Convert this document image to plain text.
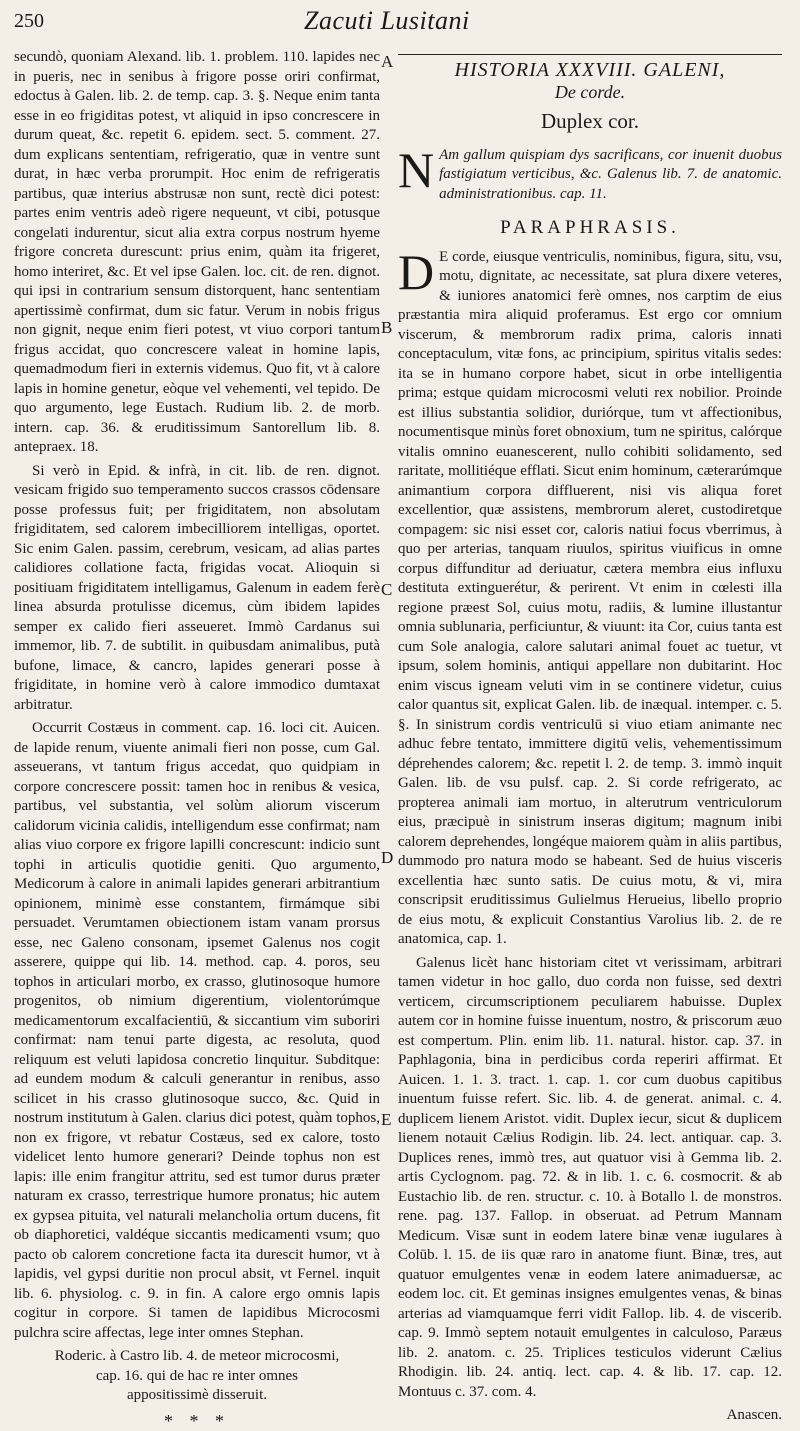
250	Zacuti Lusitani

secundò, quoniam Alexand. lib. 1. problem. 110. lapides nec in pueris, nec in senibus à frigore posse oriri confirmat, edoctus à Galen. lib. 2. de temp. cap. 3. §. Neque enim tanta esse in eo frigiditas potest, vt aliquid in ipso concrescere in durum queat, &c. repetit 6. epidem. sect. 5. comment. 27. dum explicans sententiam, refrigeratio, quæ in ventre sunt durat, in hæc verba prorumpit. Hoc enim de refrigeratis partibus, quæ interius abstrusæ non sunt, rectè dici potest: partes enim ventris adeò rigere nequeunt, vt cibi, potusque congelati indurentur, sicut alia extra corpus nostrum hyeme frigore concreta durescunt: prius enim, quàm ita frigeret, homo interiret, &c. Et vel ipse Galen. loc. cit. de ren. dignot. qui ipsi in contrarium sensum distorquent, hanc sententiam apertissimè confirmat, dum sic fatur. Verum in nobis frigus non gignit, neque enim fieri potest, vt viuo corpori tantum frigus accidat, quo concrescere valeat in homine lapis, quemadmodum fieri in externis videmus. Quo fit, vt à calore lapis in homine genetur, eòque vel vehementi, vel tepido. De quo argumento, lege Eustach. Rudium lib. 2. de morb. intern. cap. 36. & eruditissimum Santorellum lib. 8. antepraex. 18.

Si verò in Epid. & infrà, in cit. lib. de ren. dignot. vesicam frigido suo temperamento succos crassos cōdensare posse professus fuit; per frigiditatem, non absolutam frigiditatem, sed calorem imbecilliorem intelligas, oportet. Sic enim Galen. passim, cerebrum, vesicam, ad alias partes calidiores collatione facta, frigidas vocat. Alioquin si positiuam frigiditatem intelligamus, Galenum in eadem ferè linea absurda protulisse dicemus, cùm ibidem lapides semper ex calido fieri asseueret. Immò Cardanus sui immemor, lib. 7. de subtilit. in quibusdam animalibus, putà bufone, limace, & cancro, lapides generari posse à frigiditate, in homine verò à calore immodico dumtaxat arbitratur.

Occurrit Costæus in comment. cap. 16. loci cit. Auicen. de lapide renum, viuente animali fieri non posse, cum Gal. asseuerans, vt tantum frigus accedat, quo quidpiam in corpore concrescere possit: tamen hoc in renibus & vesica, partibus, vel substantia, vel solùm aliorum viscerum calidorum vicinia calidis, intelligendum esse confirmat; nam alias viuo corpore ex frigore lapilli concrescunt: indicio sunt tophi in articulis quotidie geniti. Quo argumento, Medicorum à calore in animali lapides generari arbitrantium opinionem, minimè esse constantem, firmámque sibi persuadet. Verumtamen obiectionem istam vanam prorsus esse, nec Galeno consonam, ipsemet Galenus nos cogit asserere, quippe qui lib. 14. method. cap. 4. poros, seu tophos in articulari morbo, ex crasso, glutinosoque humore progenitos, ob nimium digerentium, violentorúmque medicamentorum excalfacientiū, & siccantium vim suboriri confirmat: nam tenui parte digesta, ac resoluta, quod reliquum est veluti lapidosa concretio linquitur. Subditque: ad eundem modum & calculi generantur in renibus, asso scilicet in his crasso glutinosoque succo, &c. Quid in nostrum institutum à Galen. clarius dici potest, quàm tophos, non ex frigore, vt rebatur Costæus, sed ex calore, tosto videlicet lento humore generari? Deinde tophus non est lapis: ille enim frangitur attritu, sed est tumor durus præter naturam ex crasso, terrestrique humore pronatus; hic autem ex gypsea pituita, vel naturali melancholia ortum ducens, fit ob diaphoretici, valdéque siccantis medicamenti vsum; quo pacto ob calorem concretione facta ita durescit humor, vt à lapidis, vel gypsi duritie non procul absit, vt Fernel. inquit lib. 6. physiolog. c. 9. in fin. A calore ergo omnis lapis cogitur in corpore. Si tamen de lapidibus Microcosmi pulchra scire affectas, lege inter omnes Stephan.

Roderic. à Castro lib. 4. de meteor microcosmi,
cap. 16. qui de hac re inter omnes
appositissimè disseruit.
* * *
A
B
C
D
E
HISTORIA XXXVIII. GALENI,
De corde.
Duplex cor.

N Am gallum quispiam dys sacrificans, cor inuenit duobus fastigiatum verticibus, &c. Galenus lib. 7. de anatomic. administrationibus. cap. 11.

PARAPHRASIS.

D E corde, eiusque ventriculis, nominibus, figura, situ, vsu, motu, dignitate, ac necessitate, sat plura dixere veteres, & iuniores anatomici ferè omnes, nos carptim de eius præstantia mira aliquid proferamus. Est ergo cor omnium viscerum, & membrorum radix prima, caloris innati conceptaculum, vitæ fons, ac principium, spiritus vitalis sedes: ita se in humano corpore habet, sicut in orbe intelligentia prima; estque quidam microcosmi veluti rex nobilior. Proinde est illius substantia solidior, duriórque, tum vt affectionibus, nocumentisque minùs foret obnoxium, tum ne spiritus, calórque vitalis omnino euanescerent, nullo cohibiti solidamento, sed raritate, mollitiéque efflati. Sicut enim hominum, cæterarúmque animantium corpora diffluerent, nisi vis aliqua foret excellentior, quæ assistens, membrorum aleret, custodiretque compagem: sic nisi esset cor, caloris natiui focus vberrimus, à quo per arterias, tanquam riuulos, spiritus viuificus in omne corpus diffunditur ad deriuatur, cætera membra eius influxu destituta extinguerétur, & perirent. Vt enim in cœlesti illa regione præest Sol, cuius motu, radiis, & lumine illustantur omnia sublunaria, perficiuntur, & viuunt: ita Cor, cuius tanta est cum Sole analogia, calore salutari animal fouet ac tuetur, vt ipsum, solem hominis, antiqui appellare non dubitarint. Hoc enim viscus igneam veluti vim in se continere videtur, cuius calor quantus sit, explicat Galen. lib. de inæqual. intemper. c. 5. §. In sinistrum cordis ventriculū si viuo etiam animante nec adhuc febre tentato, immittere digitū velis, vehementissimum déprehendes calorem; &c. repetit l. 2. de temp. 3. immò inquit Galen. lib. de vsu pulsf. cap. 2. Si corde refrigerato, ac propterea animali iam mortuo, in alterutrum ventriculorum eius, præcipuè in sinistrum inseras digitum; magnum inibi calorem deprehendes, longéque maiorem quàm in aliis partibus, dummodo pro natura modo se habeant. Sed de huius visceris excellentia hæc sunto satis. De cuius motu, & vi, mira conscripsit eruditissimus Gulielmus Herueius, libello proprio de eius motu, & explicuit Constantius Varolius lib. 2. de re anatomica, cap. 1.

Galenus licèt hanc historiam citet vt verissimam, arbitrari tamen videtur in hoc gallo, duo corda non fuisse, sed dextri verticem, circumscriptionem peculiarem habuisse. Duplex autem cor in homine fuisse inuentum, nostro, & priscorum æuo est compertum. Plin. enim lib. 11. natural. histor. cap. 37. in Paphlagonia, bina in perdicibus corda reperiri affirmat. Et Auicen. 1. 1. 3. tract. 1. cap. 1. cor cum duobus capitibus inuentum fuisse refert. Sic. lib. 4. de generat. animal. c. 4. duplicem lienem Aristot. vidit. Duplex iecur, sicut & duplicem lienem notauit Cælius Rodigin. lib. 24. lect. antiquar. cap. 3. Duplices renes, immò tres, aut quatuor visi à Gemma lib. 2. artis Cyclognom. pag. 72. & in lib. 1. c. 6. cosmocrit. & ab Eustachio lib. de ren. structur. c. 10. à Botallo l. de monstros. rene. pag. 137. Fallop. in obseruat. ad Petrum Mannam Medicum. Visæ sunt in eodem latere binæ venæ iugulares à Colūb. l. 15. de iis quæ raro in anatome fiunt. Binæ, tres, aut quatuor emulgentes venæ in eodem latere animaduersæ, ac eodem loc. cit. Et geminas insignes emulgentes venas, & binas arterias ad viamquamque ferri vidit Fallop. lib. 4. de viscerib. cap. 9. Immò septem notauit emulgentes in calculoso, Paræus lib. 2. anatom. c. 25. Triplices testiculos viderunt Cælius Rhodigin. lib. 24. antiq. lect. cap. 4. & lib. 17. cap. 12. Montuus c. 37. com. 4.

Anascen.
